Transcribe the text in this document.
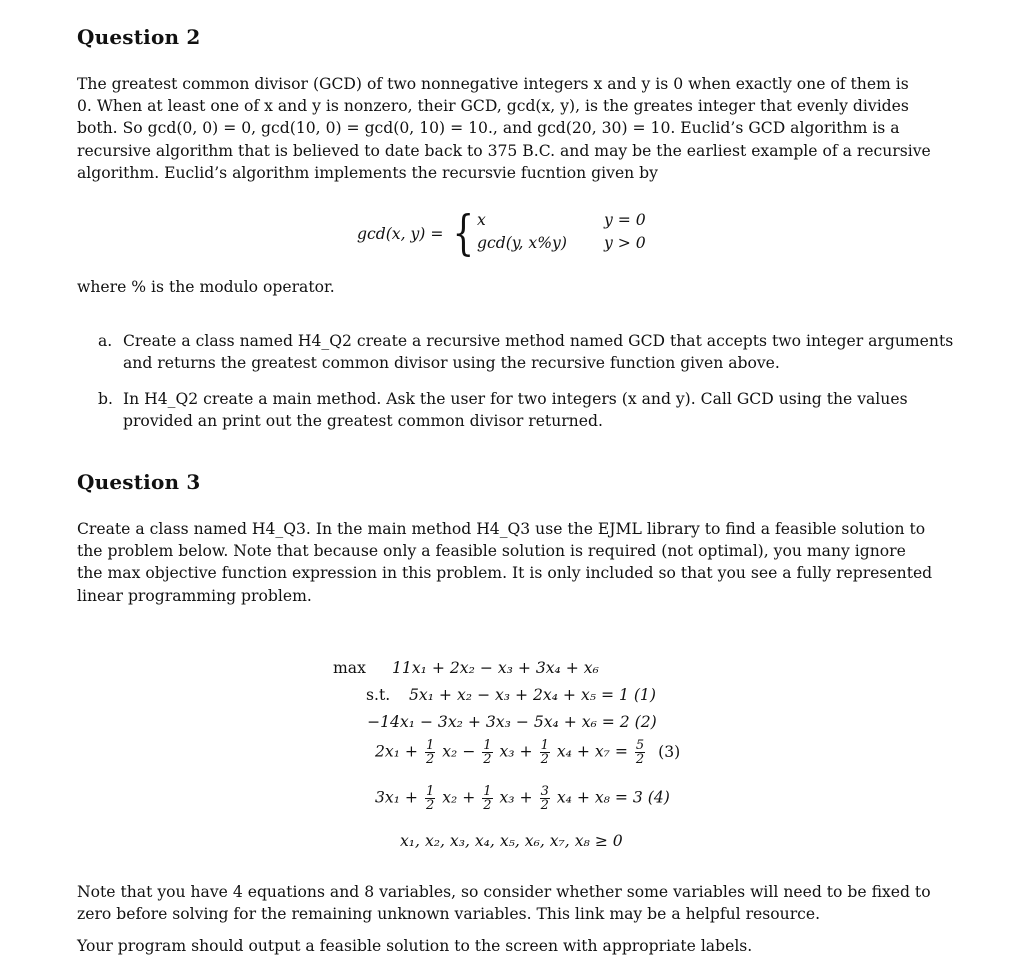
Question 2
The greatest common divisor (GCD) of two nonnegative integers x and y is 0 when exactly one of them is
0. When at least one of x and y is nonzero, their GCD, gcd(x, y), is the greates integer that evenly divides
both. So gcd(0, 0) = 0, gcd(10, 0) = gcd(0, 10) = 10., and gcd(20, 30) = 10. Euclid’s GCD algorithm is a
recursive algorithm that is believed to date back to 375 B.C. and may be the earliest example of a recursive
algorithm. Euclid’s algorithm implements the recursvie fucntion given by
gcd(x, y) = { x	y = 0
gcd(y, x%y) y > 0
where % is the modulo operator.
a. Create a class named H4_Q2 create a recursive method named GCD that accepts two integer arguments
and returns the greatest common divisor using the recursive function given above.
b. In H4_Q2 create a main method. Ask the user for two integers (x and y). Call GCD using the values
provided an print out the greatest common divisor returned.
Question 3
Create a class named H4_Q3. In the main method H4_Q3 use the EJML library to find a feasible solution to
the problem below. Note that because only a feasible solution is required (not optimal), you many ignore
the max objective function expression in this problem. It is only included so that you see a fully represented
linear programming problem.
max 11x₁ + 2x₂ − x₃ + 3x₄ + x₆
s.t. 5x₁ + x₂ − x₃ + 2x₄ + x₅ = 1 (1)
−14x₁ − 3x₂ + 3x₃ − 5x₄ + x₆ = 2 (2)
$2x_1 + \frac{1}{2} x_2 - \frac{1}{2} x_3 + \frac{1}{2} x_4 + x_7 = \frac{5}{2} (3)$
$3x_1 + \frac{1}{2} x_2 + \frac{1}{2} x_3 + \frac{3}{2} x_4 + x_8 = 3$ (4)
x₁, x₂, x₃, x₄, x₅, x₆, x₇, x₈ ≥ 0
Note that you have 4 equations and 8 variables, so consider whether some variables will need to be fixed to
zero before solving for the remaining unknown variables. This link may be a helpful resource.
Your program should output a feasible solution to the screen with appropriate labels.
